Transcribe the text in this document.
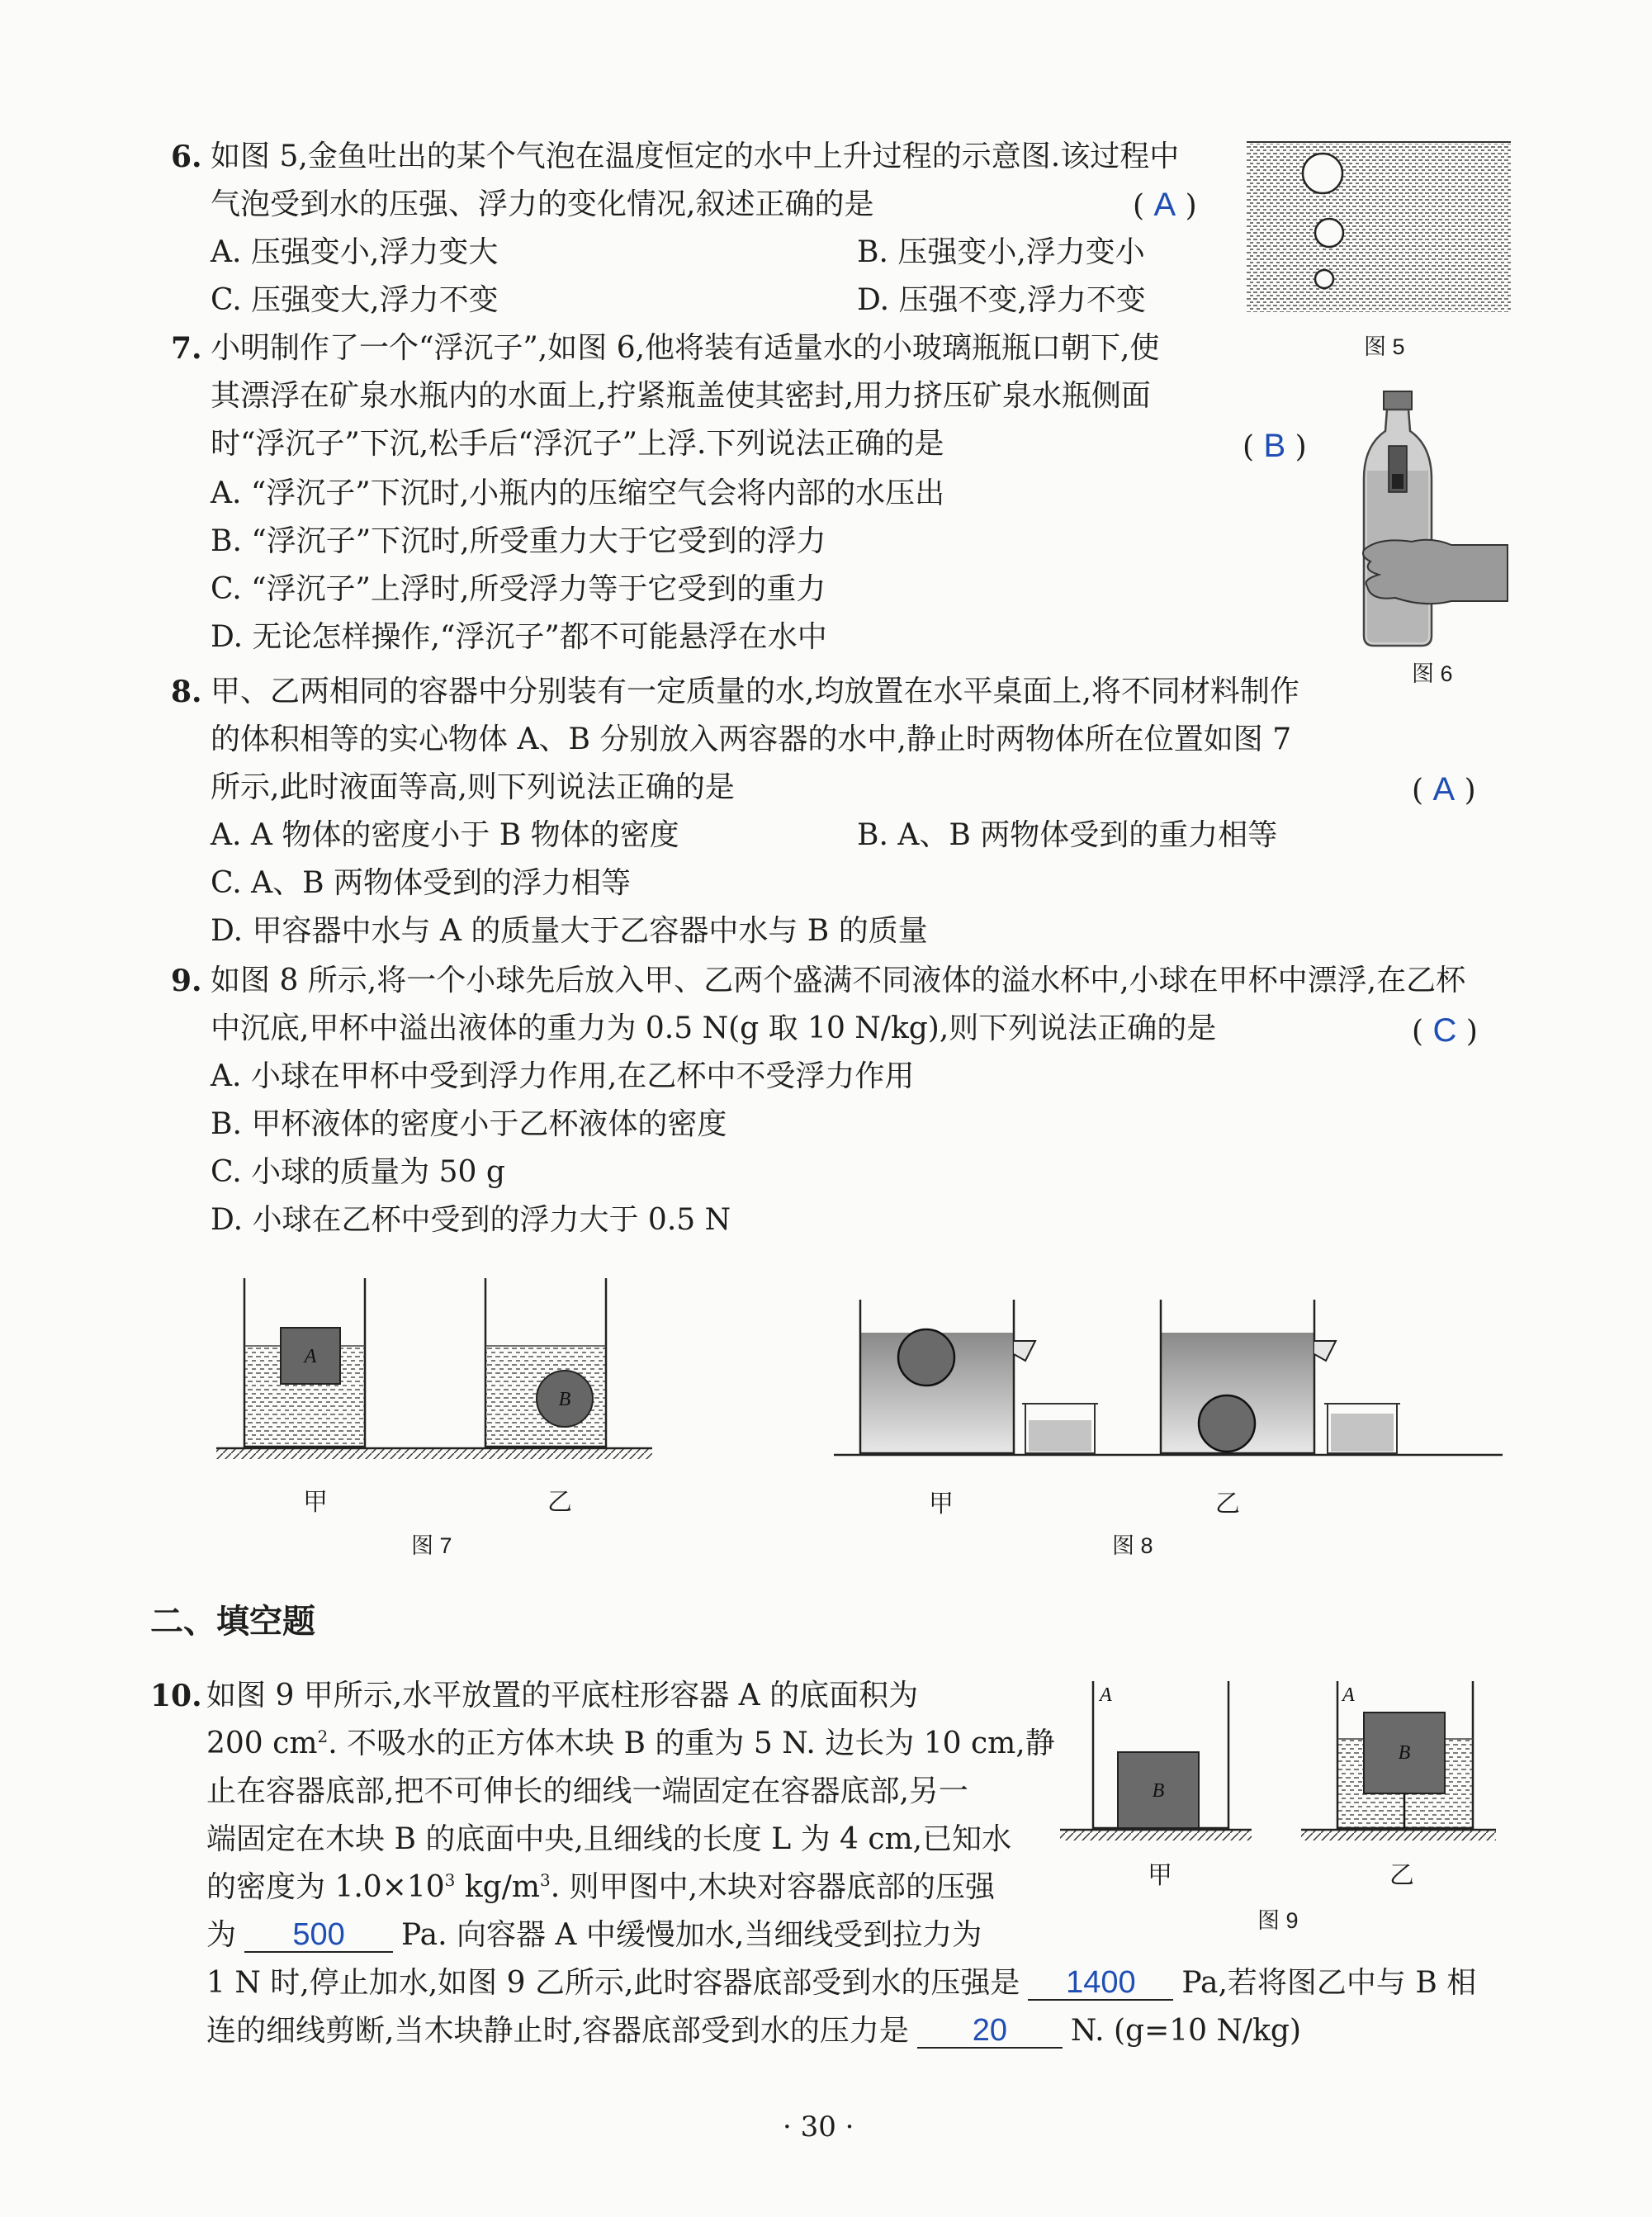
6. 如图 5,金鱼吐出的某个气泡在温度恒定的水中上升过程的示意图.该过程中
气泡受到水的压强、浮力的变化情况,叙述正确的是	( A )
A. 压强变小,浮力变大	B. 压强变小,浮力变小
C. 压强变大,浮力不变	D. 压强不变,浮力不变
图 5
7. 小明制作了一个“浮沉子”,如图 6,他将装有适量水的小玻璃瓶瓶口朝下,使
其漂浮在矿泉水瓶内的水面上,拧紧瓶盖使其密封,用力挤压矿泉水瓶侧面
时“浮沉子”下沉,松手后“浮沉子”上浮.下列说法正确的是	( B )
A. “浮沉子”下沉时,小瓶内的压缩空气会将内部的水压出
B. “浮沉子”下沉时,所受重力大于它受到的浮力
C. “浮沉子”上浮时,所受浮力等于它受到的重力
D. 无论怎样操作,“浮沉子”都不可能悬浮在水中
图 6
8. 甲、乙两相同的容器中分别装有一定质量的水,均放置在水平桌面上,将不同材料制作
的体积相等的实心物体 A、B 分别放入两容器的水中,静止时两物体所在位置如图 7
所示,此时液面等高,则下列说法正确的是	( A )
A. A 物体的密度小于 B 物体的密度	B. A、B 两物体受到的重力相等
C. A、B 两物体受到的浮力相等
D. 甲容器中水与 A 的质量大于乙容器中水与 B 的质量
9. 如图 8 所示,将一个小球先后放入甲、乙两个盛满不同液体的溢水杯中,小球在甲杯中漂浮,在乙杯
中沉底,甲杯中溢出液体的重力为 0.5 N(g 取 10 N/kg),则下列说法正确的是	( C )
A. 小球在甲杯中受到浮力作用,在乙杯中不受浮力作用
B. 甲杯液体的密度小于乙杯液体的密度
C. 小球的质量为 50 g
D. 小球在乙杯中受到的浮力大于 0.5 N
A
B
甲	乙
图 7
甲	乙
图 8
二、填空题
10. 如图 9 甲所示,水平放置的平底柱形容器 A 的底面积为
200 $cm^2$. 不吸水的正方体木块 B 的重为 5 N. 边长为 10 cm,静
止在容器底部,把不可伸长的细线一端固定在容器底部,另一
端固定在木块 B 的底面中央,且细线的长度 L 为 4 cm,已知水
的密度为 $1.0\times 10^3$ $kg/m^3$. 则甲图中,木块对容器底部的压强
为 500 Pa. 向容器 A 中缓慢加水,当细线受到拉力为
1 N 时,停止加水,如图 9 乙所示,此时容器底部受到水的压强是 1400 Pa,若将图乙中与 B 相
连的细线剪断,当木块静止时,容器底部受到水的压力是 20 N. (g=10 N/kg)
A
B
A
B
甲	乙
图 9
· 30 ·
